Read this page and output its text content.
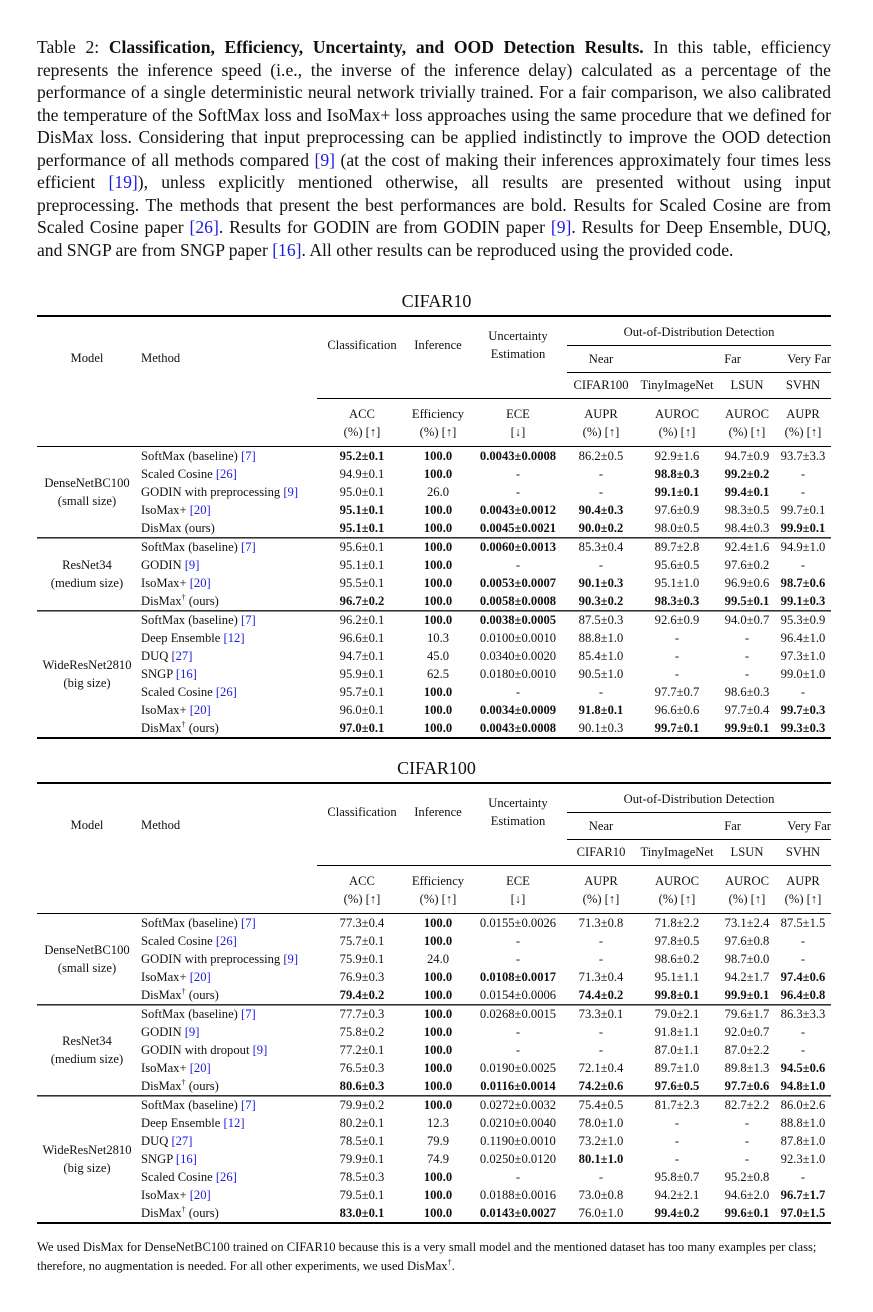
Table 2: Classification, Efficiency, Uncertainty, and OOD Detection Results. In this table, efficiency represents the inference speed (i.e., the inverse of the inference delay) calculated as a percentage of the performance of a single deterministic neural network trivially trained. For a fair comparison, we also calibrated the temperature of the SoftMax loss and IsoMax+ loss approaches using the same procedure that we defined for DisMax loss. Considering that input preprocessing can be applied indistinctly to improve the OOD detection performance of all methods compared [9] (at the cost of making their inferences approximately four times less efficient [19]), unless explicitly mentioned otherwise, all results are presented without using input preprocessing. The methods that present the best performances are bold. Results for Scaled Cosine are from Scaled Cosine paper [26]. Results for GODIN are from GODIN paper [9]. Results for Deep Ensemble, DUQ, and SNGP are from SNGP paper [16]. All other results can be reproduced using the provided code.
CIFAR10
Model	Method	Classification	Inference	Uncertainty
Estimation	Out-of-Distribution Detection			
					Near	Far		Very Far
					CIFAR100	TinyImageNet	LSUN	SVHN
		ACC	Efficiency	ECE	AUPR	AUROC	AUROC	AUPR
		(%) [↑]	(%) [↑]	[↓]	(%) [↑]	(%) [↑]	(%) [↑]	(%) [↑]

DenseNetBC100
(small size)	SoftMax (baseline) [7]	95.2±0.1	100.0	0.0043±0.0008	86.2±0.5	92.9±1.6	94.7±0.9	93.7±3.3
	Scaled Cosine [26]	94.9±0.1	100.0	-	-	98.8±0.3	99.2±0.2	-
	GODIN with preprocessing [9]	95.0±0.1	26.0	-	-	99.1±0.1	99.4±0.1	-
	IsoMax+ [20]	95.1±0.1	100.0	0.0043±0.0012	90.4±0.3	97.6±0.9	98.3±0.5	99.7±0.1
	DisMax (ours)	95.1±0.1	100.0	0.0045±0.0021	90.0±0.2	98.0±0.5	98.4±0.3	99.9±0.1

ResNet34
(medium size)	SoftMax (baseline) [7]	95.6±0.1	100.0	0.0060±0.0013	85.3±0.4	89.7±2.8	92.4±1.6	94.9±1.0
	GODIN [9]	95.1±0.1	100.0	-	-	95.6±0.5	97.6±0.2	-
	IsoMax+ [20]	95.5±0.1	100.0	0.0053±0.0007	90.1±0.3	95.1±1.0	96.9±0.6	98.7±0.6
	DisMax† (ours)	96.7±0.2	100.0	0.0058±0.0008	90.3±0.2	98.3±0.3	99.5±0.1	99.1±0.3

WideResNet2810
(big size)	SoftMax (baseline) [7]	96.2±0.1	100.0	0.0038±0.0005	87.5±0.3	92.6±0.9	94.0±0.7	95.3±0.9
	Deep Ensemble [12]	96.6±0.1	10.3	0.0100±0.0010	88.8±1.0	-	-	96.4±1.0
	DUQ [27]	94.7±0.1	45.0	0.0340±0.0020	85.4±1.0	-	-	97.3±1.0
	SNGP [16]	95.9±0.1	62.5	0.0180±0.0010	90.5±1.0	-	-	99.0±1.0
	Scaled Cosine [26]	95.7±0.1	100.0	-	-	97.7±0.7	98.6±0.3	-
	IsoMax+ [20]	96.0±0.1	100.0	0.0034±0.0009	91.8±0.1	96.6±0.6	97.7±0.4	99.7±0.3
	DisMax† (ours)	97.0±0.1	100.0	0.0043±0.0008	90.1±0.3	99.7±0.1	99.9±0.1	99.3±0.3
CIFAR100
Model	Method	Classification	Inference	Uncertainty
Estimation	Out-of-Distribution Detection			
					Near	Far		Very Far
					CIFAR10	TinyImageNet	LSUN	SVHN
		ACC	Efficiency	ECE	AUPR	AUROC	AUROC	AUPR
		(%) [↑]	(%) [↑]	[↓]	(%) [↑]	(%) [↑]	(%) [↑]	(%) [↑]

DenseNetBC100
(small size)	SoftMax (baseline) [7]	77.3±0.4	100.0	0.0155±0.0026	71.3±0.8	71.8±2.2	73.1±2.4	87.5±1.5
	Scaled Cosine [26]	75.7±0.1	100.0	-	-	97.8±0.5	97.6±0.8	-
	GODIN with preprocessing [9]	75.9±0.1	24.0	-	-	98.6±0.2	98.7±0.0	-
	IsoMax+ [20]	76.9±0.3	100.0	0.0108±0.0017	71.3±0.4	95.1±1.1	94.2±1.7	97.4±0.6
	DisMax† (ours)	79.4±0.2	100.0	0.0154±0.0006	74.4±0.2	99.8±0.1	99.9±0.1	96.4±0.8

ResNet34
(medium size)	SoftMax (baseline) [7]	77.7±0.3	100.0	0.0268±0.0015	73.3±0.1	79.0±2.1	79.6±1.7	86.3±3.3
	GODIN [9]	75.8±0.2	100.0	-	-	91.8±1.1	92.0±0.7	-
	GODIN with dropout [9]	77.2±0.1	100.0	-	-	87.0±1.1	87.0±2.2	-
	IsoMax+ [20]	76.5±0.3	100.0	0.0190±0.0025	72.1±0.4	89.7±1.0	89.8±1.3	94.5±0.6
	DisMax† (ours)	80.6±0.3	100.0	0.0116±0.0014	74.2±0.6	97.6±0.5	97.7±0.6	94.8±1.0

WideResNet2810
(big size)	SoftMax (baseline) [7]	79.9±0.2	100.0	0.0272±0.0032	75.4±0.5	81.7±2.3	82.7±2.2	86.0±2.6
	Deep Ensemble [12]	80.2±0.1	12.3	0.0210±0.0040	78.0±1.0	-	-	88.8±1.0
	DUQ [27]	78.5±0.1	79.9	0.1190±0.0010	73.2±1.0	-	-	87.8±1.0
	SNGP [16]	79.9±0.1	74.9	0.0250±0.0120	80.1±1.0	-	-	92.3±1.0
	Scaled Cosine [26]	78.5±0.3	100.0	-	-	95.8±0.7	95.2±0.8	-
	IsoMax+ [20]	79.5±0.1	100.0	0.0188±0.0016	73.0±0.8	94.2±2.1	94.6±2.0	96.7±1.7
	DisMax† (ours)	83.0±0.1	100.0	0.0143±0.0027	76.0±1.0	99.4±0.2	99.6±0.1	97.0±1.5
We used DisMax for DenseNetBC100 trained on CIFAR10 because this is a very small model and the mentioned dataset has too many examples per class; therefore, no augmentation is needed. For all other experiments, we used DisMax†.
